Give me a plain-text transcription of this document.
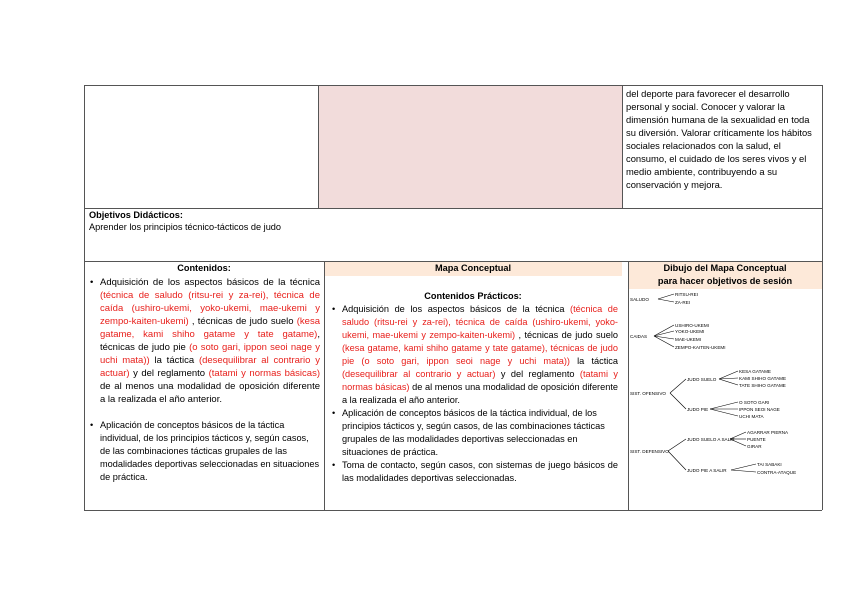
del deporte para favorecer el desarrollo personal y social. Conocer y valorar la dimensión humana de la sexualidad en toda su diversión. Valorar críticamente los hábitos sociales relacionados con la salud, el consumo, el cuidado de los seres vivos y el medio ambiente, contribuyendo a su conservación y mejora.
Objetivos Didácticos:
Aprender los principios técnico-tácticos de judo
Contenidos:	Mapa Conceptual	Dibujo del Mapa Conceptual
para hacer objetivos de sesión
• Adquisición de los aspectos básicos de la técnica (técnica de saludo (ritsu-rei y za-rei), técnica de caída (ushiro-ukemi, yoko-ukemi, mae-ukemi y zempo-kaiten-ukemi) , técnicas de judo suelo (kesa gatame, kami shiho gatame y tate gatame), técnicas de judo pie (o soto gari, ippon seoi nage y uchi mata)) la táctica (desequilibrar al contrario y actuar) y del reglamento (tatami y normas básicas) de al menos una modalidad de oposición diferente a la realizada el año anterior.
• Aplicación de conceptos básicos de la táctica individual, de los principios tácticos y, según casos, de las combinaciones tácticas grupales de las modalidades deportivas seleccionadas en situaciones de práctica.
Contenidos Prácticos:
• Adquisición de los aspectos básicos de la técnica (técnica de saludo (ritsu-rei y za-rei), técnica de caída (ushiro-ukemi, yoko-ukemi, mae-ukemi y zempo-kaiten-ukemi) , técnicas de judo suelo (kesa gatame, kami shiho gatame y tate gatame), técnicas de judo pie (o soto gari, ippon seoi nage y uchi mata)) la táctica (desequilibrar al contrario y actuar) y del reglamento (tatami y normas básicas) de al menos una modalidad de oposición diferente a la realizada el año anterior.
• Aplicación de conceptos básicos de la táctica individual, de los principios tácticos y, según casos, de las combinaciones tácticas grupales de las modalidades deportivas seleccionadas en situaciones de práctica.
• Toma de contacto, según casos, con sistemas de juego básicos de las modalidades deportivas seleccionadas.
SALUDO
RITSU-REI
ZA-REI
CAIDAS
USHIRO-UKEMI
YOKO-UKEMI
MAE-UKEMI
ZEMPO-KAITEN-UKEMI
SIST. OFENSIVO
JUDO SUELO
KESA GATAME
KAMI SHIHO GATAME
TATE SHIHO GATAME
JUDO PIE
O SOTO GARI
IPPON SEOI NAGE
UCHI MATA
SIST. DEFENSIVO
JUDO SUELO A SALIR
AGARRAR PIERNA
PUENTE
GIRAR
JUDO PIE A SALIR
TAI SABAKI
CONTRA-ATAQUE
